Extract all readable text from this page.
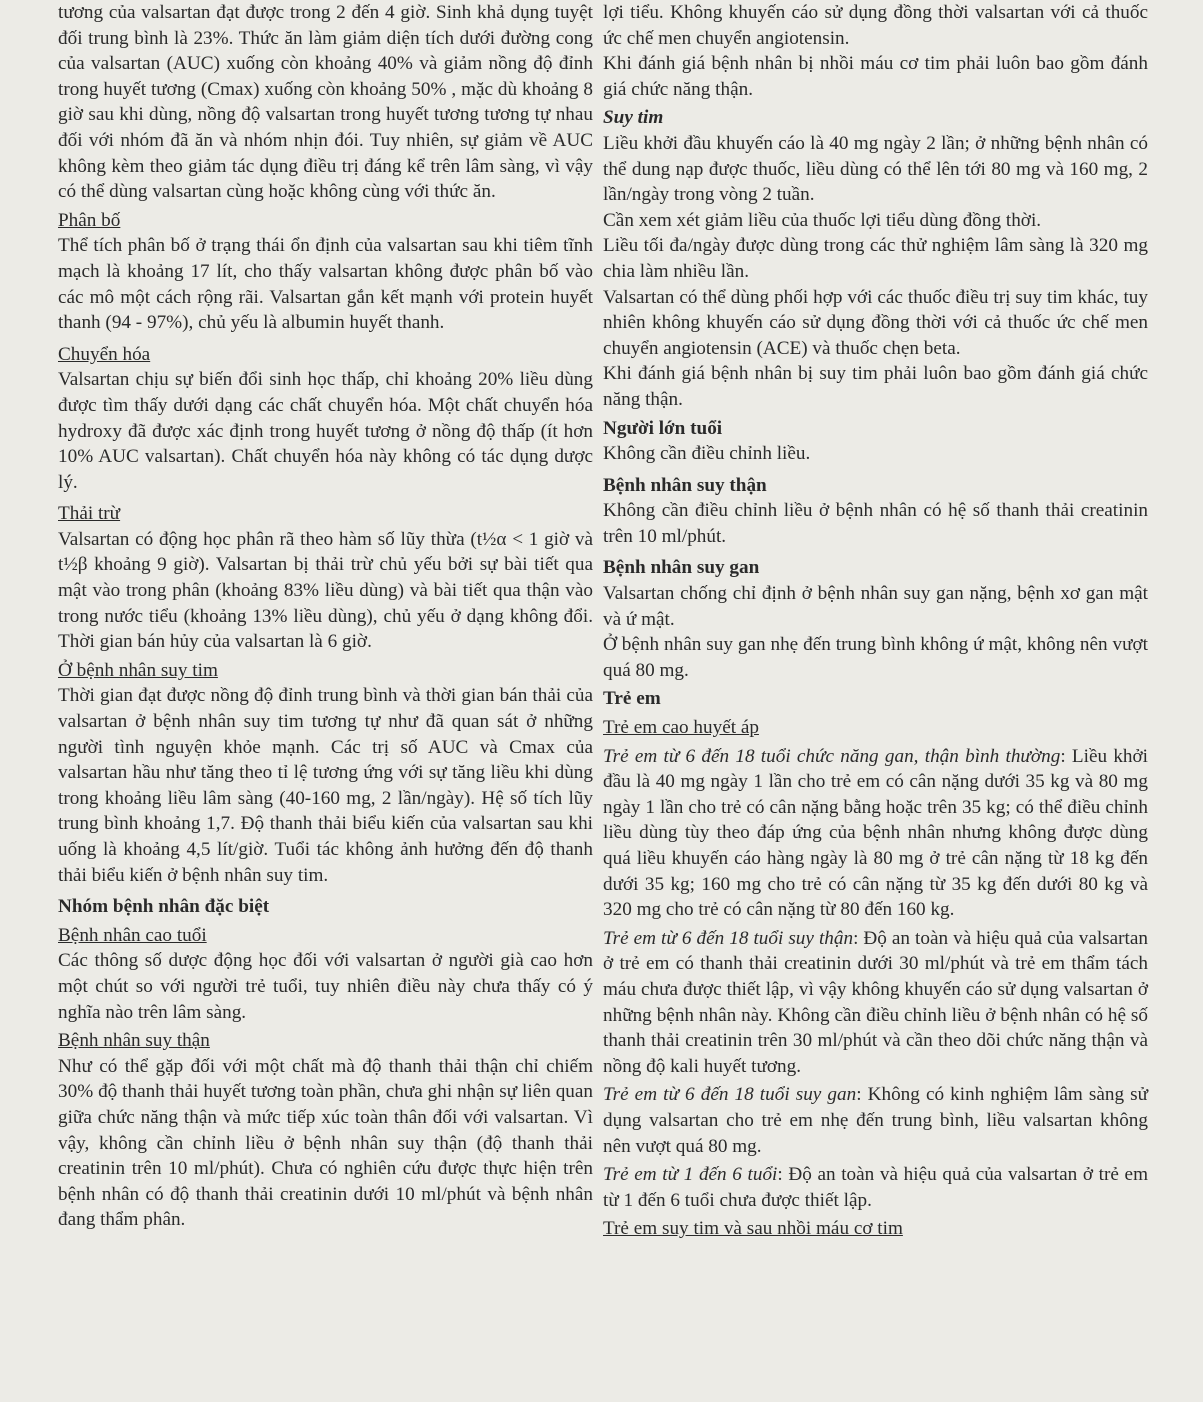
tương của valsartan đạt được trong 2 đến 4 giờ. Sinh khả dụng tuyệt đối trung bình là 23%. Thức ăn làm giảm diện tích dưới đường cong của valsartan (AUC) xuống còn khoảng 40% và giảm nồng độ đỉnh trong huyết tương (Cmax) xuống còn khoảng 50% , mặc dù khoảng 8 giờ sau khi dùng, nồng độ valsartan trong huyết tương tương tự nhau đối với nhóm đã ăn và nhóm nhịn đói. Tuy nhiên, sự giảm về AUC không kèm theo giảm tác dụng điều trị đáng kể trên lâm sàng, vì vậy có thể dùng valsartan cùng hoặc không cùng với thức ăn.

Phân bố

Thể tích phân bố ở trạng thái ổn định của valsartan sau khi tiêm tĩnh mạch là khoảng 17 lít, cho thấy valsartan không được phân bố vào các mô một cách rộng rãi. Valsartan gắn kết mạnh với protein huyết thanh (94 - 97%), chủ yếu là albumin huyết thanh.

Chuyển hóa

Valsartan chịu sự biến đổi sinh học thấp, chỉ khoảng 20% liều dùng được tìm thấy dưới dạng các chất chuyển hóa. Một chất chuyển hóa hydroxy đã được xác định trong huyết tương ở nồng độ thấp (ít hơn 10% AUC valsartan). Chất chuyển hóa này không có tác dụng dược lý.

Thải trừ

Valsartan có động học phân rã theo hàm số lũy thừa (t½α < 1 giờ và t½β khoảng 9 giờ). Valsartan bị thải trừ chủ yếu bởi sự bài tiết qua mật vào trong phân (khoảng 83% liều dùng) và bài tiết qua thận vào trong nước tiểu (khoảng 13% liều dùng), chủ yếu ở dạng không đổi. Thời gian bán hủy của valsartan là 6 giờ.

Ở bệnh nhân suy tim

Thời gian đạt được nồng độ đỉnh trung bình và thời gian bán thải của valsartan ở bệnh nhân suy tim tương tự như đã quan sát ở những người tình nguyện khỏe mạnh. Các trị số AUC và Cmax của valsartan hầu như tăng theo tỉ lệ tương ứng với sự tăng liều khi dùng trong khoảng liều lâm sàng (40-160 mg, 2 lần/ngày). Hệ số tích lũy trung bình khoảng 1,7. Độ thanh thải biểu kiến của valsartan sau khi uống là khoảng 4,5 lít/giờ. Tuổi tác không ảnh hưởng đến độ thanh thải biểu kiến ở bệnh nhân suy tim.

Nhóm bệnh nhân đặc biệt
Bệnh nhân cao tuổi

Các thông số dược động học đối với valsartan ở người già cao hơn một chút so với người trẻ tuổi, tuy nhiên điều này chưa thấy có ý nghĩa nào trên lâm sàng.

Bệnh nhân suy thận

Như có thể gặp đối với một chất mà độ thanh thải thận chỉ chiếm 30% độ thanh thải huyết tương toàn phần, chưa ghi nhận sự liên quan giữa chức năng thận và mức tiếp xúc toàn thân đối với valsartan. Vì vậy, không cần chỉnh liều ở bệnh nhân suy thận (độ thanh thải creatinin trên 10 ml/phút). Chưa có nghiên cứu được thực hiện trên bệnh nhân có độ thanh thải creatinin dưới 10 ml/phút và bệnh nhân đang thẩm phân.

lợi tiểu. Không khuyến cáo sử dụng đồng thời valsartan với cả thuốc ức chế men chuyển angiotensin.

Khi đánh giá bệnh nhân bị nhồi máu cơ tim phải luôn bao gồm đánh giá chức năng thận.

Suy tim

Liều khởi đầu khuyến cáo là 40 mg ngày 2 lần; ở những bệnh nhân có thể dung nạp được thuốc, liều dùng có thể lên tới 80 mg và 160 mg, 2 lần/ngày trong vòng 2 tuần.

Cần xem xét giảm liều của thuốc lợi tiểu dùng đồng thời.

Liều tối đa/ngày được dùng trong các thử nghiệm lâm sàng là 320 mg chia làm nhiều lần.

Valsartan có thể dùng phối hợp với các thuốc điều trị suy tim khác, tuy nhiên không khuyến cáo sử dụng đồng thời với cả thuốc ức chế men chuyển angiotensin (ACE) và thuốc chẹn beta.

Khi đánh giá bệnh nhân bị suy tim phải luôn bao gồm đánh giá chức năng thận.

Người lớn tuổi

Không cần điều chỉnh liều.

Bệnh nhân suy thận

Không cần điều chỉnh liều ở bệnh nhân có hệ số thanh thải creatinin trên 10 ml/phút.

Bệnh nhân suy gan

Valsartan chống chỉ định ở bệnh nhân suy gan nặng, bệnh xơ gan mật và ứ mật.

Ở bệnh nhân suy gan nhẹ đến trung bình không ứ mật, không nên vượt quá 80 mg.

Trẻ em
Trẻ em cao huyết áp

Trẻ em từ 6 đến 18 tuổi chức năng gan, thận bình thường: Liều khởi đầu là 40 mg ngày 1 lần cho trẻ em có cân nặng dưới 35 kg và 80 mg ngày 1 lần cho trẻ có cân nặng bằng hoặc trên 35 kg; có thể điều chỉnh liều dùng tùy theo đáp ứng của bệnh nhân nhưng không được dùng quá liều khuyến cáo hàng ngày là 80 mg ở trẻ cân nặng từ 18 kg đến dưới 35 kg; 160 mg cho trẻ có cân nặng từ 35 kg đến dưới 80 kg và 320 mg cho trẻ có cân nặng từ 80 đến 160 kg.

Trẻ em từ 6 đến 18 tuổi suy thận: Độ an toàn và hiệu quả của valsartan ở trẻ em có thanh thải creatinin dưới 30 ml/phút và trẻ em thẩm tách máu chưa được thiết lập, vì vậy không khuyến cáo sử dụng valsartan ở những bệnh nhân này. Không cần điều chỉnh liều ở bệnh nhân có hệ số thanh thải creatinin trên 30 ml/phút và cần theo dõi chức năng thận và nồng độ kali huyết tương.

Trẻ em từ 6 đến 18 tuổi suy gan: Không có kinh nghiệm lâm sàng sử dụng valsartan cho trẻ em nhẹ đến trung bình, liều valsartan không nên vượt quá 80 mg.

Trẻ em từ 1 đến 6 tuổi: Độ an toàn và hiệu quả của valsartan ở trẻ em từ 1 đến 6 tuổi chưa được thiết lập.

Trẻ em suy tim và sau nhồi máu cơ tim
